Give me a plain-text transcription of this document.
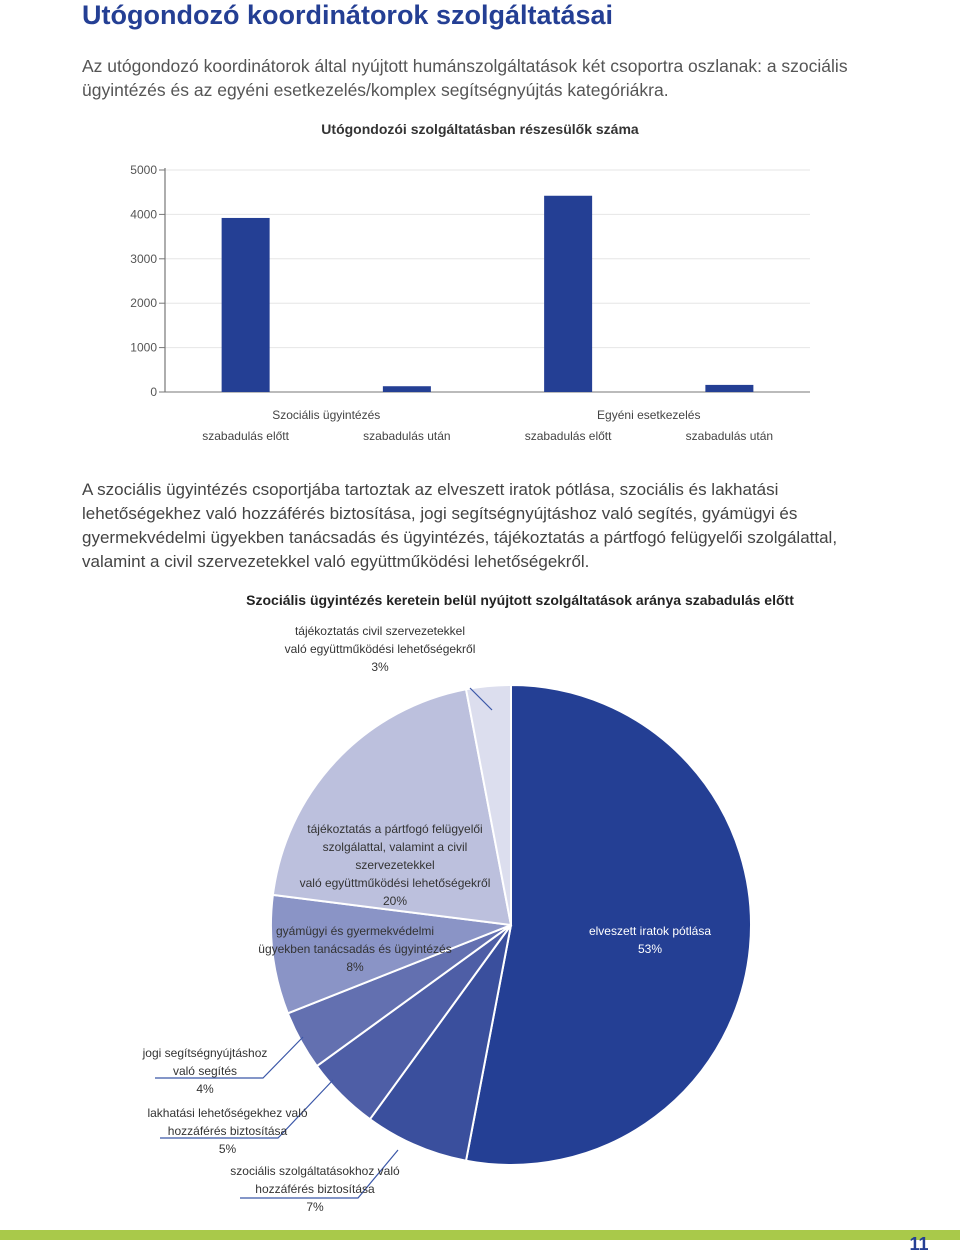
Utógondozó koordinátorok szolgáltatásai

Az utógondozó koordinátorok által nyújtott humánszolgáltatások két csoportra oszlanak: a szociális ügyintézés és az egyéni esetkezelés/komplex segítségnyújtás kategóriákra.

Utógondozói szolgáltatásban részesülők száma

0
1000
2000
3000
4000
5000
szabadulás előtt	szabadulás után	szabadulás előtt	szabadulás után
Szociális ügyintézés	Egyéni esetkezelés

A szociális ügyintézés csoportjába tartoztak az elveszett iratok pótlása, szociális és lakhatási lehetőségekhez való hozzáférés biztosítása, jogi segítségnyújtáshoz való segítés, gyámügyi és gyermekvédelmi ügyekben tanácsadás és ügyintézés, tájékoztatás a pártfogó felügyelői szolgálattal, valamint a civil szervezetekkel való együttműködési lehetőségekről.

Szociális ügyintézés keretein belül nyújtott szolgáltatások aránya szabadulás előtt

tájékoztatás civil szervezetekkel
való együttműködési lehetőségekről
3%
tájékoztatás a pártfogó felügyelői
szolgálattal, valamint a civil szervezetekkel
való együttműködési lehetőségekről
20%
gyámügyi és gyermekvédelmi
ügyekben tanácsadás és ügyintézés
8%
elveszett iratok pótlása
53%
jogi segítségnyújtáshoz
való segítés
4%
lakhatási lehetőségekhez való
hozzáférés biztosítása
5%
szociális szolgáltatásokhoz való
hozzáférés biztosítása
7%
11
